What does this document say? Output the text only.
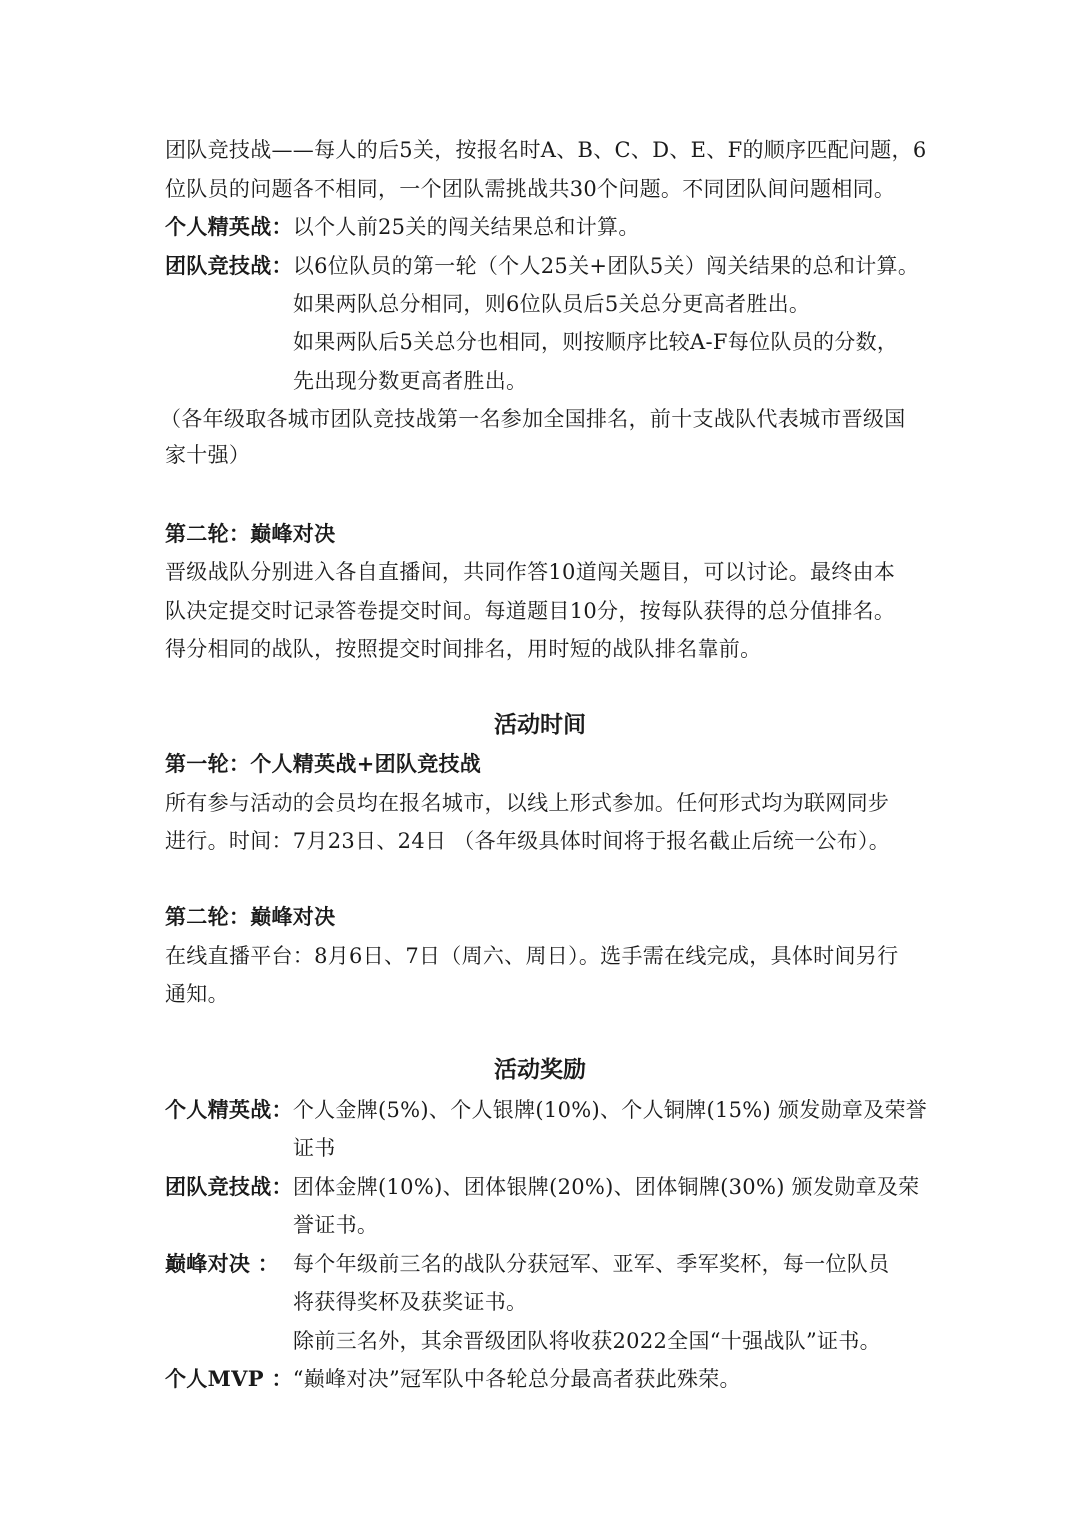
团队竞技战——每人的后5关，按报名时A、B、C、D、E、F的顺序匹配问题，6
位队员的问题各不相同，一个团队需挑战共30个问题。不同团队间问题相同。
个人精英战：以个人前25关的闯关结果总和计算。
团队竞技战：以6位队员的第一轮（个人25关+团队5关）闯关结果的总和计算。
如果两队总分相同，则6位队员后5关总分更高者胜出。
如果两队后5关总分也相同，则按顺序比较A-F每位队员的分数，
先出现分数更高者胜出。
（各年级取各城市团队竞技战第一名参加全国排名，前十支战队代表城市晋级国
家十强）
第二轮：巅峰对决
晋级战队分别进入各自直播间，共同作答10道闯关题目，可以讨论。最终由本
队决定提交时记录答卷提交时间。每道题目10分，按每队获得的总分值排名。
得分相同的战队，按照提交时间排名，用时短的战队排名靠前。
活动时间
第一轮：个人精英战+团队竞技战
所有参与活动的会员均在报名城市，以线上形式参加。任何形式均为联网同步
进行。时间：7月23日、24日 （各年级具体时间将于报名截止后统一公布）。
第二轮：巅峰对决
在线直播平台：8月6日、7日（周六、周日）。选手需在线完成，具体时间另行
通知。
活动奖励
个人精英战：个人金牌(5%)、个人银牌(10%)、个人铜牌(15%) 颁发勋章及荣誉
证书
团队竞技战：团体金牌(10%)、团体银牌(20%)、团体铜牌(30%) 颁发勋章及荣
誉证书。
巅峰对决 ： 每个年级前三名的战队分获冠军、亚军、季军奖杯，每一位队员
将获得奖杯及获奖证书。
除前三名外，其余晋级团队将收获2022全国“十强战队”证书。
个人MVP ：“巅峰对决”冠军队中各轮总分最高者获此殊荣。
